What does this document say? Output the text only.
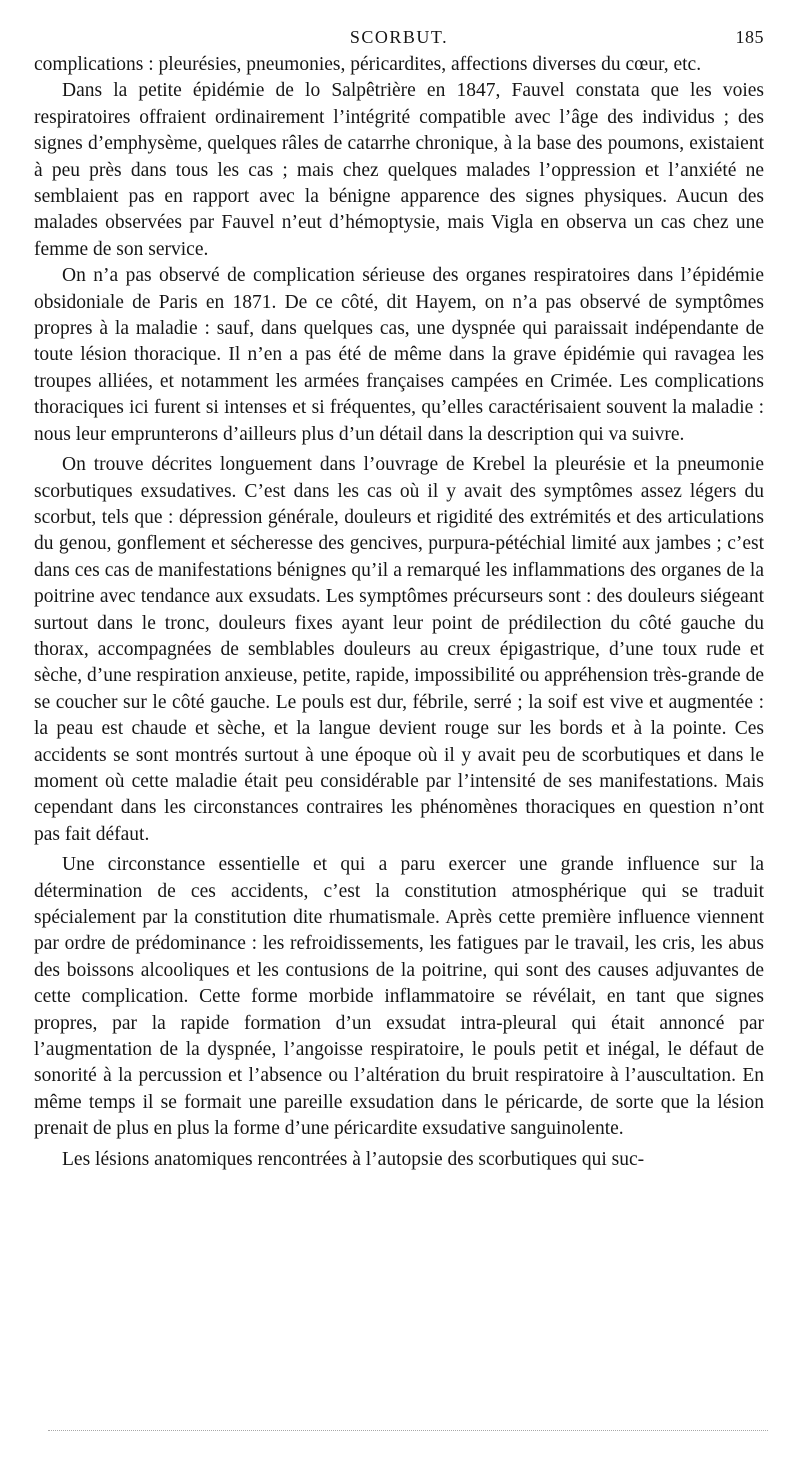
SCORBUT.	185

complications : pleurésies, pneumonies, péricardites, affections diverses du cœur, etc.

Dans la petite épidémie de lo Salpêtrière en 1847, Fauvel constata que les voies respiratoires offraient ordinairement l’intégrité compatible avec l’âge des individus ; des signes d’emphysème, quelques râles de catarrhe chronique, à la base des poumons, existaient à peu près dans tous les cas ; mais chez quelques malades l’oppression et l’anxiété ne semblaient pas en rapport avec la bénigne apparence des signes physiques. Aucun des malades observées par Fauvel n’eut d’hémoptysie, mais Vigla en observa un cas chez une femme de son service.

On n’a pas observé de complication sérieuse des organes respiratoires dans l’épidémie obsidoniale de Paris en 1871. De ce côté, dit Hayem, on n’a pas observé de symptômes propres à la maladie : sauf, dans quelques cas, une dyspnée qui paraissait indépendante de toute lésion thoracique. Il n’en a pas été de même dans la grave épidémie qui ravagea les troupes alliées, et notamment les armées françaises campées en Crimée. Les complications thoraciques ici furent si intenses et si fréquentes, qu’elles caractérisaient souvent la maladie : nous leur emprunterons d’ailleurs plus d’un détail dans la description qui va suivre.

On trouve décrites longuement dans l’ouvrage de Krebel la pleurésie et la pneumonie scorbutiques exsudatives. C’est dans les cas où il y avait des symptômes assez légers du scorbut, tels que : dépression générale, douleurs et rigidité des extrémités et des articulations du genou, gonflement et sécheresse des gencives, purpura-pétéchial limité aux jambes ; c’est dans ces cas de manifestations bénignes qu’il a remarqué les inflammations des organes de la poitrine avec tendance aux exsudats. Les symptômes précurseurs sont : des douleurs siégeant surtout dans le tronc, douleurs fixes ayant leur point de prédilection du côté gauche du thorax, accompagnées de semblables douleurs au creux épigastrique, d’une toux rude et sèche, d’une respiration anxieuse, petite, rapide, impossibilité ou appréhension très-grande de se coucher sur le côté gauche. Le pouls est dur, fébrile, serré ; la soif est vive et augmentée : la peau est chaude et sèche, et la langue devient rouge sur les bords et à la pointe. Ces accidents se sont montrés surtout à une époque où il y avait peu de scorbutiques et dans le moment où cette maladie était peu considérable par l’intensité de ses manifestations. Mais cependant dans les circonstances contraires les phénomènes thoraciques en question n’ont pas fait défaut.

Une circonstance essentielle et qui a paru exercer une grande influence sur la détermination de ces accidents, c’est la constitution atmosphérique qui se traduit spécialement par la constitution dite rhumatismale. Après cette première influence viennent par ordre de prédominance : les refroidissements, les fatigues par le travail, les cris, les abus des boissons alcooliques et les contusions de la poitrine, qui sont des causes adjuvantes de cette complication. Cette forme morbide inflammatoire se révélait, en tant que signes propres, par la rapide formation d’un exsudat intra-pleural qui était annoncé par l’augmentation de la dyspnée, l’angoisse respiratoire, le pouls petit et inégal, le défaut de sonorité à la percussion et l’absence ou l’altération du bruit respiratoire à l’auscultation. En même temps il se formait une pareille exsudation dans le péricarde, de sorte que la lésion prenait de plus en plus la forme d’une péricardite exsudative sanguinolente.

Les lésions anatomiques rencontrées à l’autopsie des scorbutiques qui suc-
